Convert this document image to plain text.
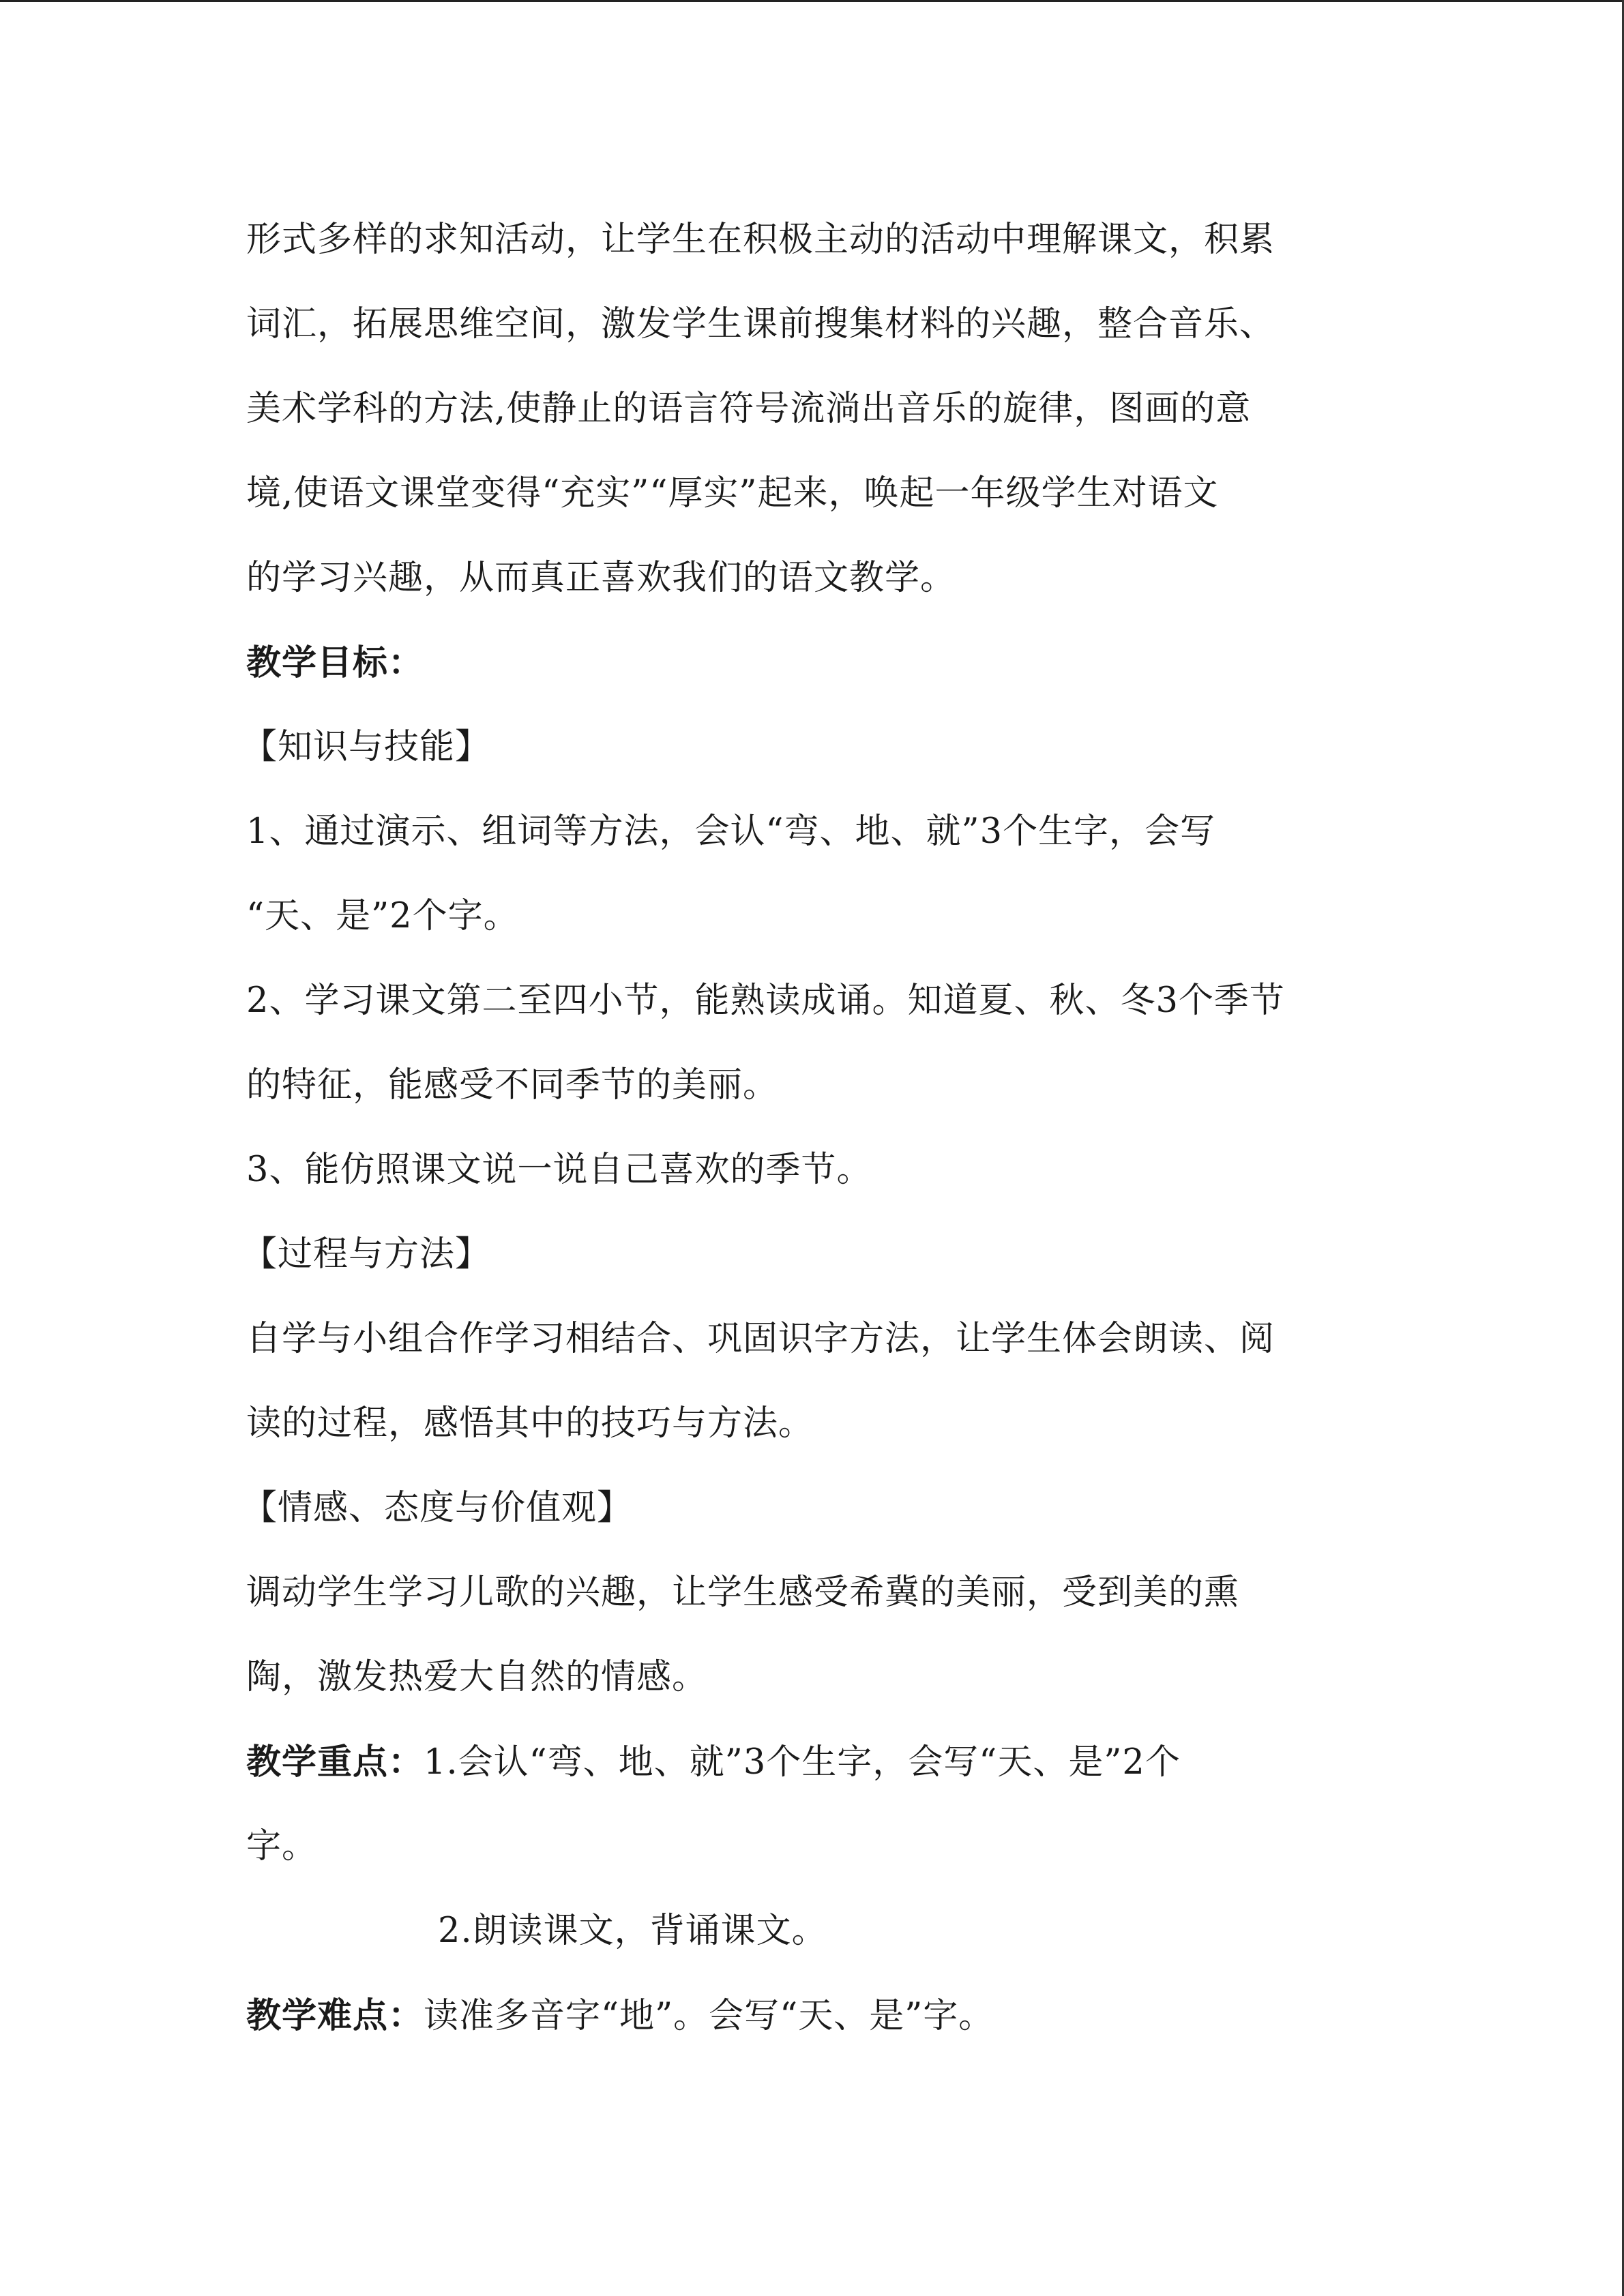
形式多样的求知活动，让学生在积极主动的活动中理解课文，积累
词汇，拓展思维空间，激发学生课前搜集材料的兴趣，整合音乐、
美术学科的方法,使静止的语言符号流淌出音乐的旋律，图画的意
境,使语文课堂变得“充实”“厚实”起来，唤起一年级学生对语文
的学习兴趣，从而真正喜欢我们的语文教学。
教学目标：
【知识与技能】
1、通过演示、组词等方法，会认“弯、地、就”3个生字，会写
“天、是”2个字。
2、学习课文第二至四小节，能熟读成诵。知道夏、秋、冬3个季节
的特征，能感受不同季节的美丽。
3、能仿照课文说一说自己喜欢的季节。
【过程与方法】
自学与小组合作学习相结合、巩固识字方法，让学生体会朗读、阅
读的过程，感悟其中的技巧与方法。
【情感、态度与价值观】
调动学生学习儿歌的兴趣，让学生感受希冀的美丽，受到美的熏
陶，激发热爱大自然的情感。
教学重点：1.会认“弯、地、就”3个生字，会写“天、是”2个
字。
2.朗读课文，背诵课文。
教学难点：读准多音字“地”。会写“天、是”字。
